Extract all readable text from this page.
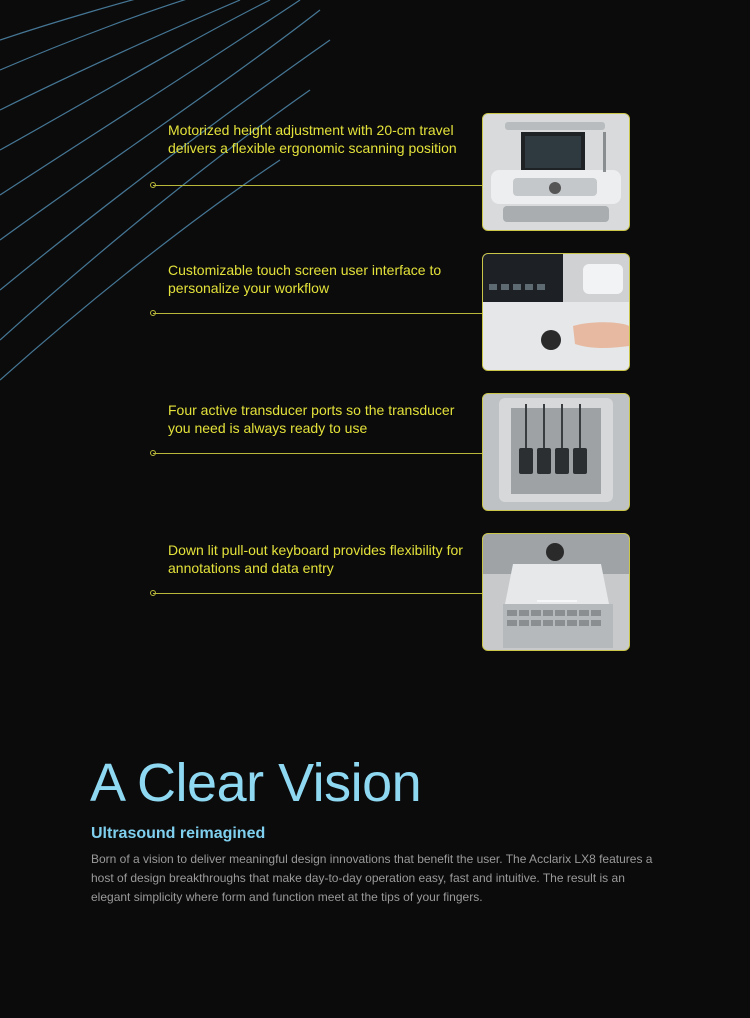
Motorized height adjustment with 20-cm travel delivers a flexible ergonomic scanning position
Customizable touch screen user interface to personalize your workflow
Four active transducer ports so the transducer you need is always ready to use
Down lit pull-out keyboard provides flexibility for annotations and data entry
A Clear Vision
Ultrasound reimagined

Born of a vision to deliver meaningful design innovations that benefit the user. The Acclarix LX8 features a host of design breakthroughs that make day-to-day operation easy, fast and intuitive. The result is an elegant simplicity where form and function meet at the tips of your fingers.
